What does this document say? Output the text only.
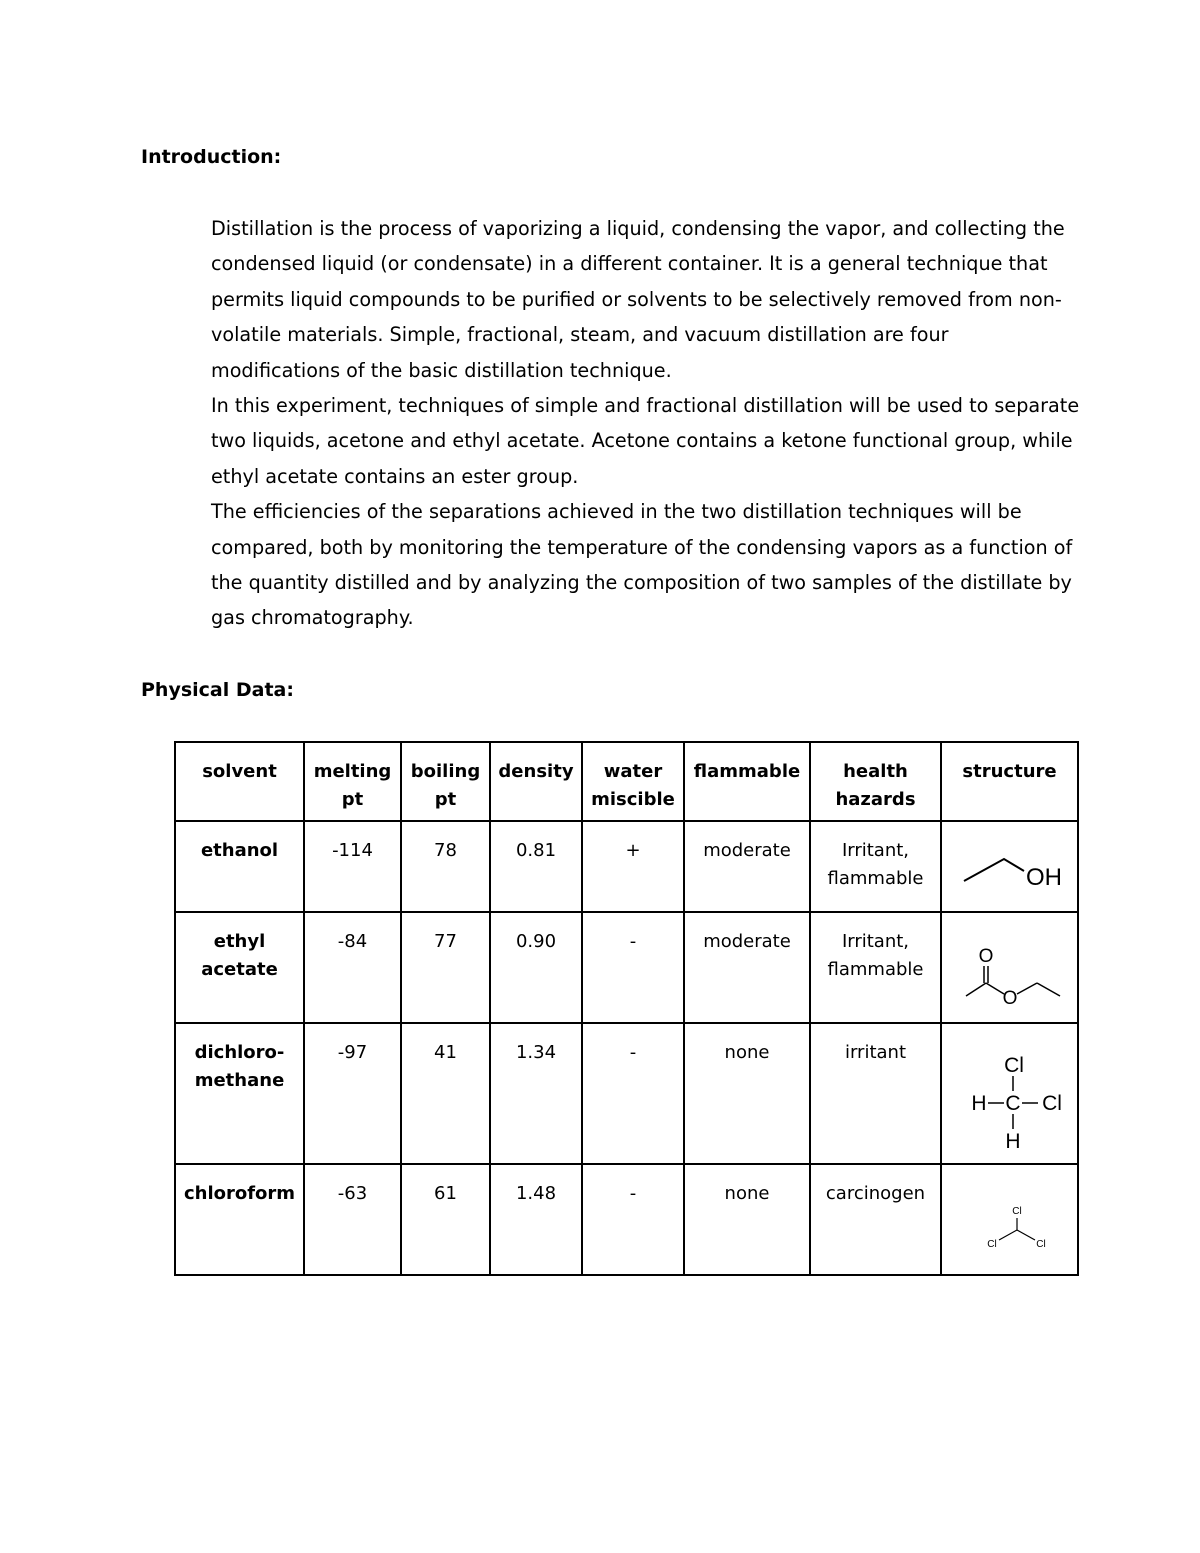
Introduction:

Distillation is the process of vaporizing a liquid, condensing the vapor, and collecting the condensed liquid (or condensate) in a different container. It is a general technique that permits liquid compounds to be purified or solvents to be selectively removed from non-volatile materials. Simple, fractional, steam, and vacuum distillation are four modifications of the basic distillation technique.

In this experiment, techniques of simple and fractional distillation will be used to separate two liquids, acetone and ethyl acetate. Acetone contains a ketone functional group, while ethyl acetate contains an ester group.

The efficiencies of the separations achieved in the two distillation techniques will be compared, both by monitoring the temperature of the condensing vapors as a function of the quantity distilled and by analyzing the composition of two samples of the distillate by gas chromatography.

Physical Data:
solvent	melting pt	boiling pt	density	water miscible	flammable	health hazards	structure
ethanol	-114	78	0.81	+	moderate	Irritant, flammable	OH

ethyl acetate	-84	77	0.90	-	moderate	Irritant, flammable	O
O

dichloro-methane	-97	41	1.34	-	none	irritant	Cl
H C Cl
H

chloroform	-63	61	1.48	-	none	carcinogen	Cl
Cl Cl
